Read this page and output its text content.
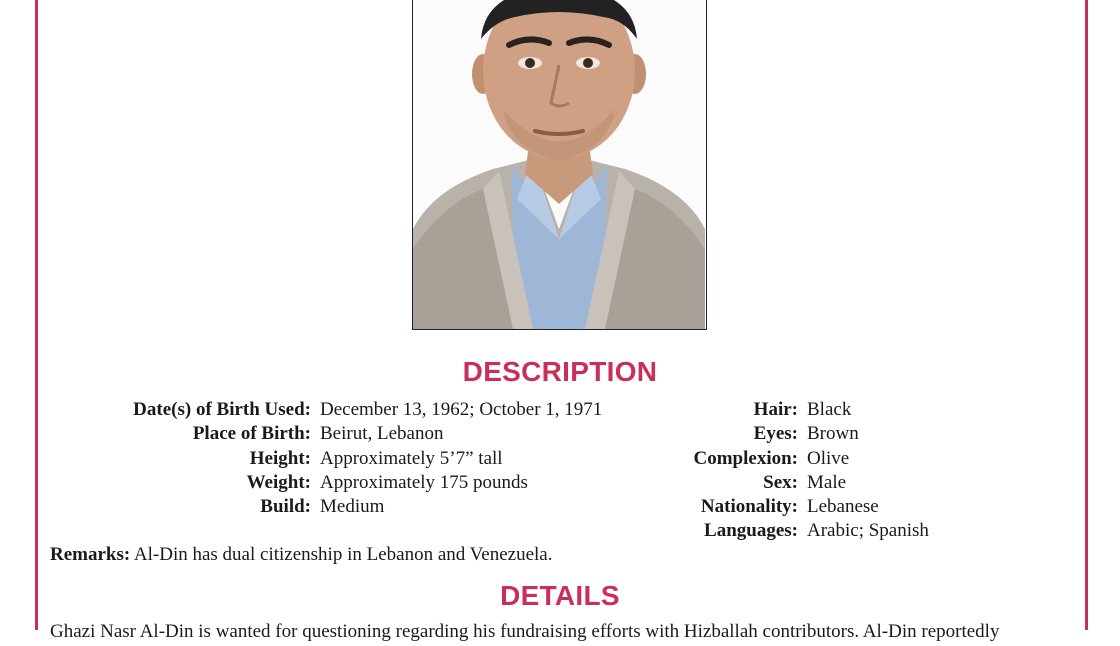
DESCRIPTION
Date(s) of Birth Used: December 13, 1962; October 1, 1971
Place of Birth: Beirut, Lebanon
Height: Approximately 5’7” tall
Weight: Approximately 175 pounds
Build: Medium
Hair: Black
Eyes: Brown
Complexion: Olive
Sex: Male
Nationality: Lebanese
Languages: Arabic; Spanish
Remarks: Al-Din has dual citizenship in Lebanon and Venezuela.
DETAILS
Ghazi Nasr Al-Din is wanted for questioning regarding his fundraising efforts with Hizballah contributors. Al-Din reportedly
